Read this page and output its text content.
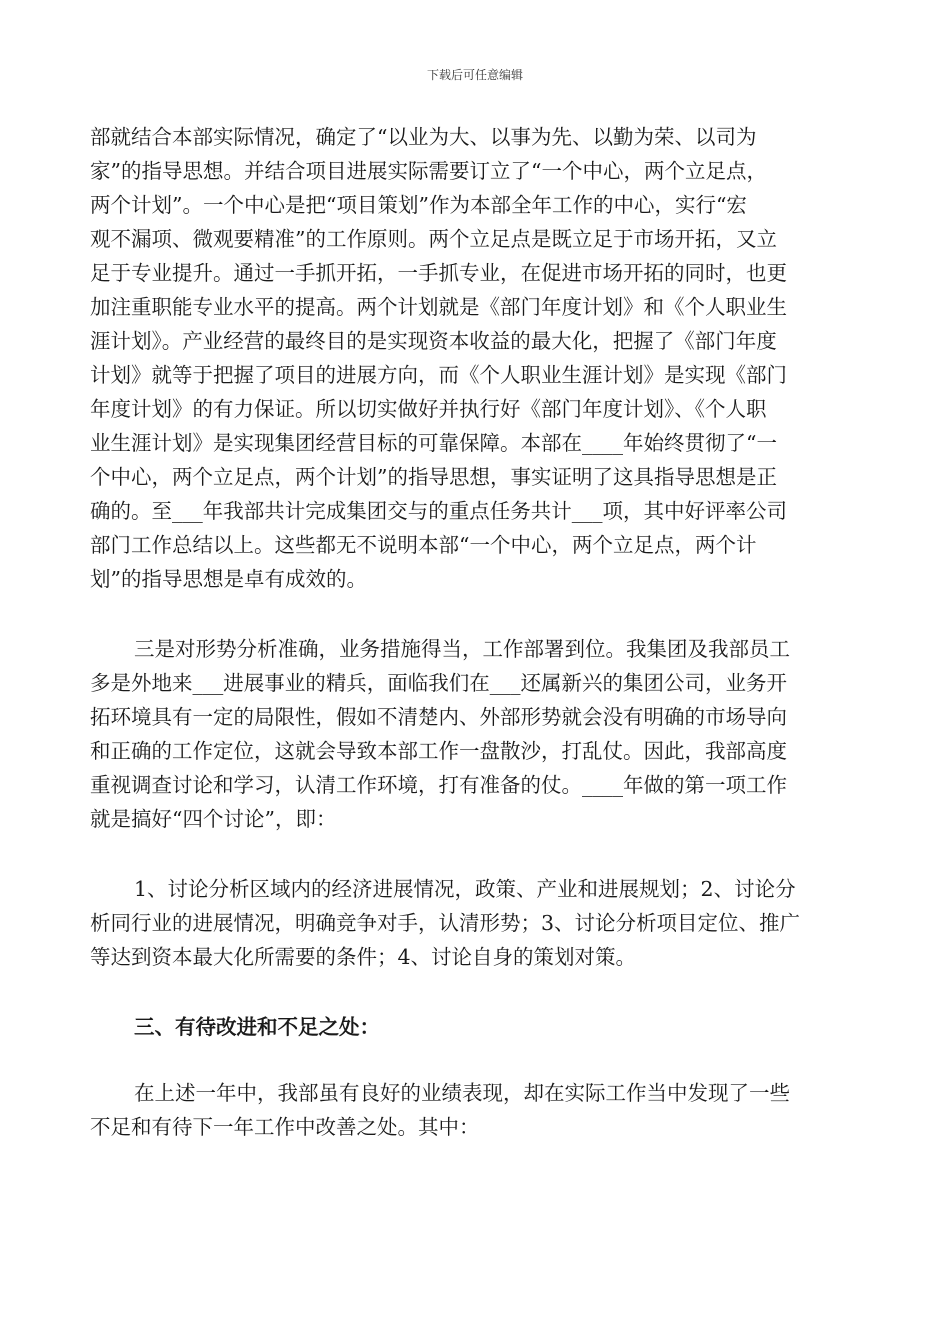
下载后可任意编辑
部就结合本部实际情况，确定了“以业为大、以事为先、以勤为荣、以司为
家”的指导思想。并结合项目进展实际需要订立了“一个中心，两个立足点，
两个计划”。一个中心是把“项目策划”作为本部全年工作的中心，实行“宏
观不漏项、微观要精准”的工作原则。两个立足点是既立足于市场开拓，又立
足于专业提升。通过一手抓开拓，一手抓专业，在促进市场开拓的同时，也更
加注重职能专业水平的提高。两个计划就是《部门年度计划》和《个人职业生
涯计划》。产业经营的最终目的是实现资本收益的最大化，把握了《部门年度
计划》就等于把握了项目的进展方向，而《个人职业生涯计划》是实现《部门
年度计划》的有力保证。所以切实做好并执行好《部门年度计划》、《个人职
业生涯计划》是实现集团经营目标的可靠保障。本部在____年始终贯彻了“一
个中心，两个立足点，两个计划”的指导思想，事实证明了这具指导思想是正
确的。至___年我部共计完成集团交与的重点任务共计___项，其中好评率公司
部门工作总结以上。这些都无不说明本部“一个中心，两个立足点，两个计
划”的指导思想是卓有成效的。
三是对形势分析准确，业务措施得当，工作部署到位。我集团及我部员工
多是外地来___进展事业的精兵，面临我们在___还属新兴的集团公司，业务开
拓环境具有一定的局限性，假如不清楚内、外部形势就会没有明确的市场导向
和正确的工作定位，这就会导致本部工作一盘散沙，打乱仗。因此，我部高度
重视调查讨论和学习，认清工作环境，打有准备的仗。____年做的第一项工作
就是搞好“四个讨论”，即：
1、讨论分析区域内的经济进展情况，政策、产业和进展规划；2、讨论分
析同行业的进展情况，明确竞争对手，认清形势；3、讨论分析项目定位、推广
等达到资本最大化所需要的条件；4、讨论自身的策划对策。
三、有待改进和不足之处：
在上述一年中，我部虽有良好的业绩表现，却在实际工作当中发现了一些
不足和有待下一年工作中改善之处。其中：
